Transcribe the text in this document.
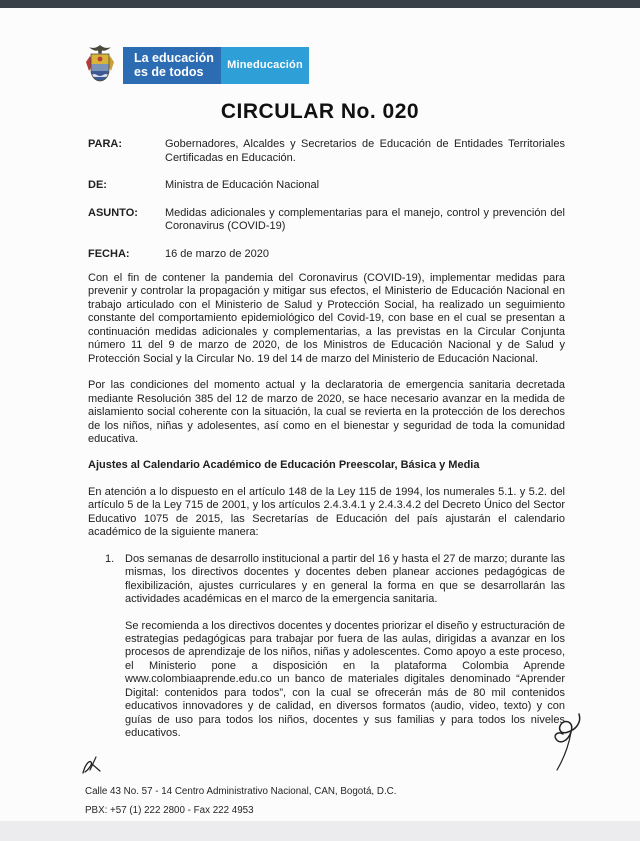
La educación
es de todos	Mineducación
CIRCULAR No. 020
PARA:	Gobernadores, Alcaldes y Secretarios de Educación de Entidades Territoriales Certificadas en Educación.
DE:	Ministra de Educación Nacional
ASUNTO:	Medidas adicionales y complementarias para el manejo, control y prevención del Coronavirus (COVID-19)
FECHA:	16 de marzo de 2020

Con el fin de contener la pandemia del Coronavirus (COVID-19), implementar medidas para prevenir y controlar la propagación y mitigar sus efectos, el Ministerio de Educación Nacional en trabajo articulado con el Ministerio de Salud y Protección Social, ha realizado un seguimiento constante del comportamiento epidemiológico del Covid-19, con base en el cual se presentan a continuación medidas adicionales y complementarias, a las previstas en la Circular Conjunta número 11 del 9 de marzo de 2020, de los Ministros de Educación Nacional y de Salud y Protección Social y la Circular No. 19 del 14 de marzo del Ministerio de Educación Nacional.

Por las condiciones del momento actual y la declaratoria de emergencia sanitaria decretada mediante Resolución 385 del 12 de marzo de 2020, se hace necesario avanzar en la medida de aislamiento social coherente con la situación, la cual se revierta en la protección de los derechos de los niños, niñas y adolesentes, así como en el bienestar y seguridad de toda la comunidad educativa.

Ajustes al Calendario Académico de Educación Preescolar, Básica y Media

En atención a lo dispuesto en el artículo 148 de la Ley 115 de 1994, los numerales 5.1. y 5.2. del artículo 5 de la Ley 715 de 2001, y los artículos 2.4.3.4.1 y 2.4.3.4.2 del Decreto Único del Sector Educativo 1075 de 2015, las Secretarías de Educación del país ajustarán el calendario académico de la siguiente manera:

1. Dos semanas de desarrollo institucional a partir del 16 y hasta el 27 de marzo; durante las mismas, los directivos docentes y docentes deben planear acciones pedagógicas de flexibilización, ajustes curriculares y en general la forma en que se desarrollarán las actividades académicas en el marco de la emergencia sanitaria.

Se recomienda a los directivos docentes y docentes priorizar el diseño y estructuración de estrategias pedagógicas para trabajar por fuera de las aulas, dirigidas a avanzar en los procesos de aprendizaje de los niños, niñas y adolescentes. Como apoyo a este proceso, el Ministerio pone a disposición en la plataforma Colombia Aprende www.colombiaaprende.edu.co un banco de materiales digitales denominado “Aprender Digital: contenidos para todos”, con la cual se ofrecerán más de 80 mil contenidos educativos innovadores y de calidad, en diversos formatos (audio, video, texto) y con guías de uso para todos los niños, docentes y sus familias y para todos los niveles educativos.

Calle 43 No. 57 - 14 Centro Administrativo Nacional, CAN, Bogotá, D.C.
PBX: +57 (1) 222 2800 - Fax 222 4953
